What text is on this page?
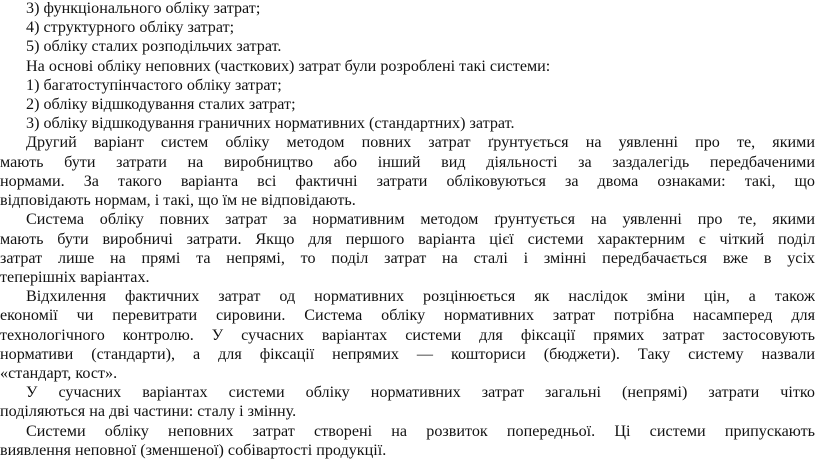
3) функціонального обліку затрат;
4) структурного обліку затрат;
5) обліку сталих розподільчих затрат.
На основі обліку неповних (часткових) затрат були розроблені такі системи:
1) багатоступінчастого обліку затрат;
2) обліку відшкодування сталих затрат;
3) обліку відшкодування граничних нормативних (стандартних) затрат.
Другий варіант систем обліку методом повних затрат ґрунтується на уявленні про те, якими
мають бути затрати на виробництво або інший вид діяльності за заздалегідь передбаченими
нормами. За такого варіанта всі фактичні затрати обліковуються за двома ознаками: такі, що
відповідають нормам, і такі, що їм не відповідають.
Система обліку повних затрат за нормативним методом ґрунтується на уявленні про те, якими
мають бути виробничі затрати. Якщо для першого варіанта цієї системи характерним є чіткий поділ
затрат лише на прямі та непрямі, то поділ затрат на сталі і змінні передбачається вже в усіх
теперішніх варіантах.
Відхилення фактичних затрат од нормативних розцінюється як наслідок зміни цін, а також
економії чи перевитрати сировини. Система обліку нормативних затрат потрібна насамперед для
технологічного контролю. У сучасних варіантах системи для фіксації прямих затрат застосовують
нормативи (стандарти), а для фіксації непрямих — кошториси (бюджети). Таку систему назвали
«стандарт, кост».
У сучасних варіантах системи обліку нормативних затрат загальні (непрямі) затрати чітко
поділяються на дві частини: сталу і змінну.
Системи обліку неповних затрат створені на розвиток попередньої. Ці системи припускають
виявлення неповної (зменшеної) собівартості продукції.
